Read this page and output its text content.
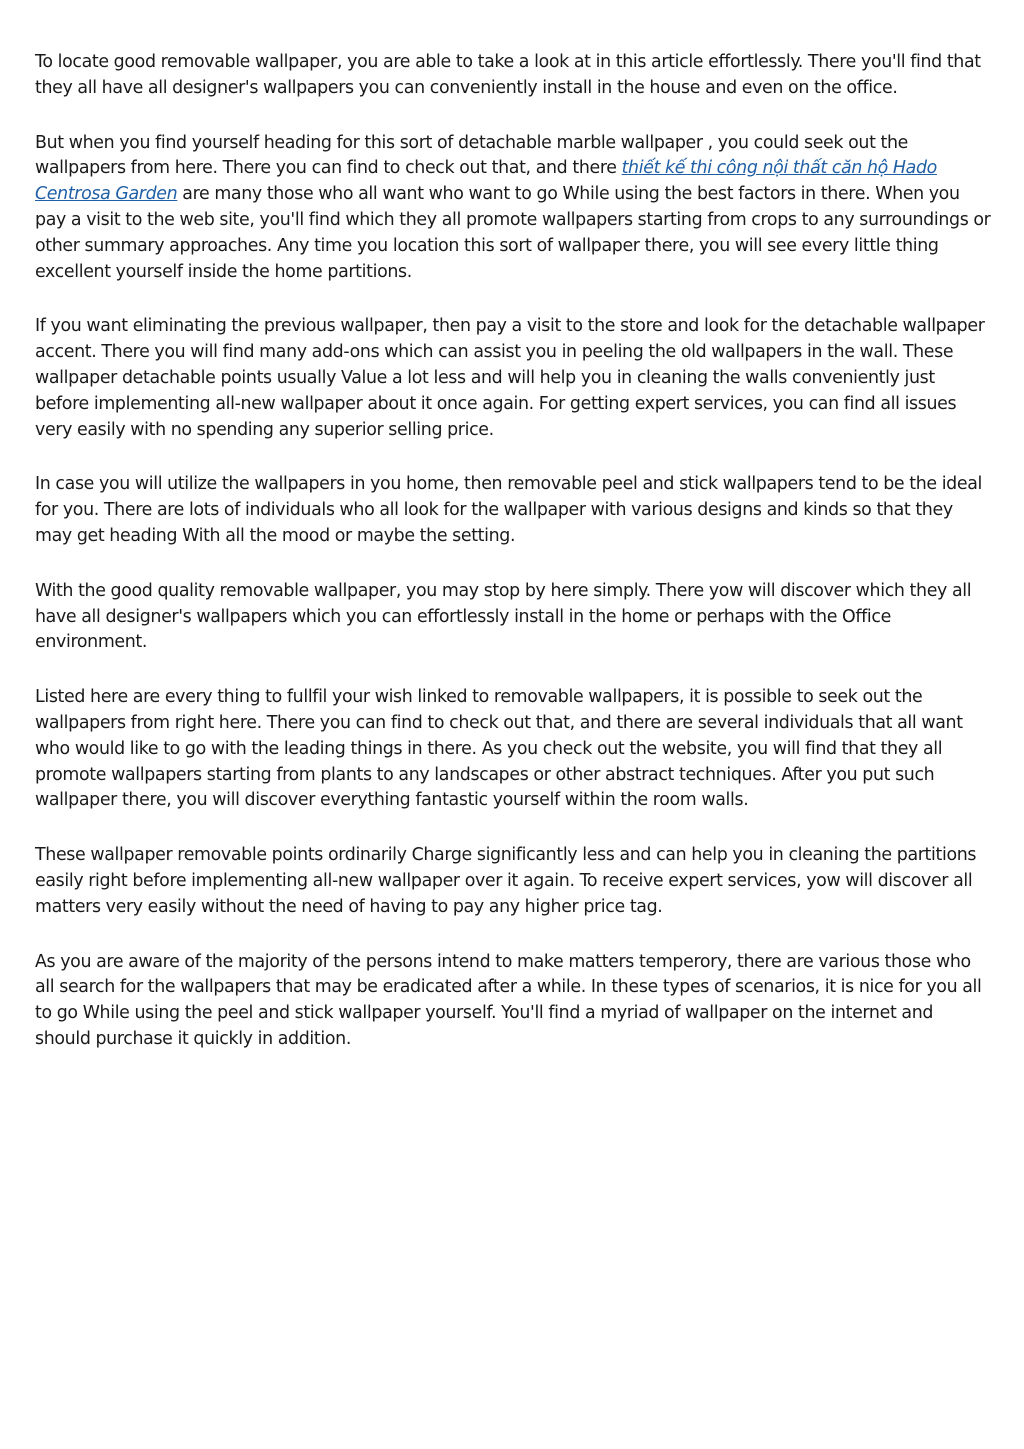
To locate good removable wallpaper, you are able to take a look at in this article effortlessly. There you'll find that they all have all designer's wallpapers you can conveniently install in the house and even on the office.

But when you find yourself heading for this sort of detachable marble wallpaper , you could seek out the wallpapers from here. There you can find to check out that, and there thiết kế thi công nội thất căn hộ Hado Centrosa Garden are many those who all want who want to go While using the best factors in there. When you pay a visit to the web site, you'll find which they all promote wallpapers starting from crops to any surroundings or other summary approaches. Any time you location this sort of wallpaper there, you will see every little thing excellent yourself inside the home partitions.

If you want eliminating the previous wallpaper, then pay a visit to the store and look for the detachable wallpaper accent. There you will find many add-ons which can assist you in peeling the old wallpapers in the wall. These wallpaper detachable points usually Value a lot less and will help you in cleaning the walls conveniently just before implementing all-new wallpaper about it once again. For getting expert services, you can find all issues very easily with no spending any superior selling price.

In case you will utilize the wallpapers in you home, then removable peel and stick wallpapers tend to be the ideal for you. There are lots of individuals who all look for the wallpaper with various designs and kinds so that they may get heading With all the mood or maybe the setting.

With the good quality removable wallpaper, you may stop by here simply. There yow will discover which they all have all designer's wallpapers which you can effortlessly install in the home or perhaps with the Office environment.

Listed here are every thing to fullfil your wish linked to removable wallpapers, it is possible to seek out the wallpapers from right here. There you can find to check out that, and there are several individuals that all want who would like to go with the leading things in there. As you check out the website, you will find that they all promote wallpapers starting from plants to any landscapes or other abstract techniques. After you put such wallpaper there, you will discover everything fantastic yourself within the room walls.

These wallpaper removable points ordinarily Charge significantly less and can help you in cleaning the partitions easily right before implementing all-new wallpaper over it again. To receive expert services, yow will discover all matters very easily without the need of having to pay any higher price tag.

As you are aware of the majority of the persons intend to make matters temperory, there are various those who all search for the wallpapers that may be eradicated after a while. In these types of scenarios, it is nice for you all to go While using the peel and stick wallpaper yourself. You'll find a myriad of wallpaper on the internet and should purchase it quickly in addition.
